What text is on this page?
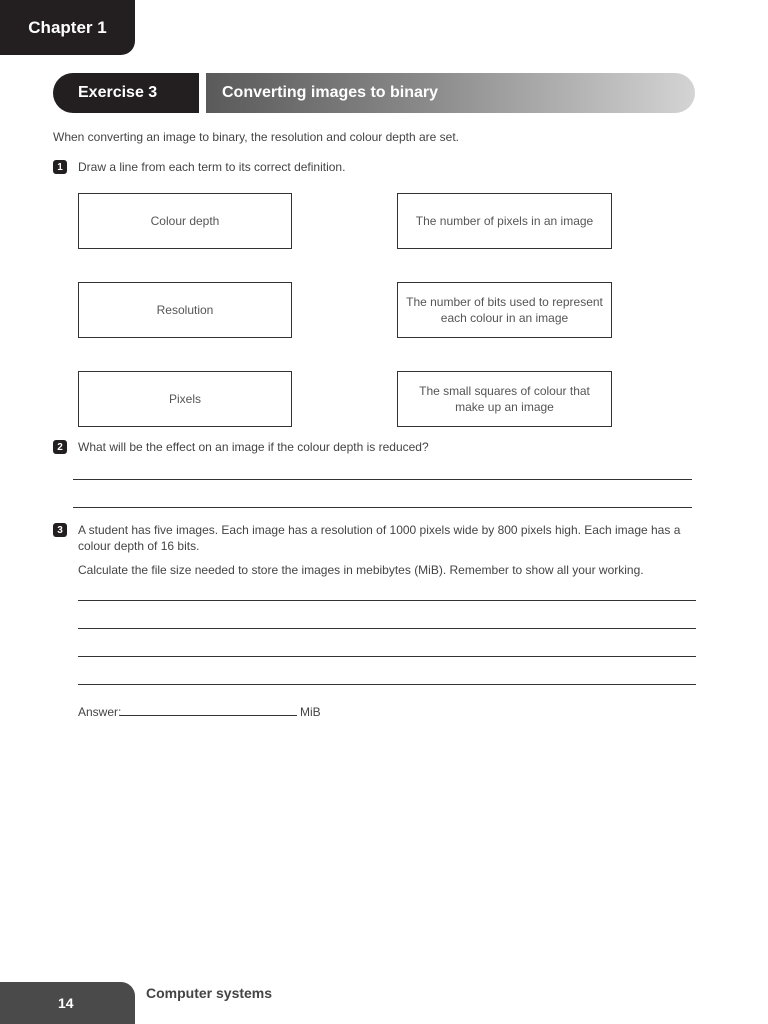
Chapter 1
Exercise 3	Converting images to binary
When converting an image to binary, the resolution and colour depth are set.
1	Draw a line from each term to its correct definition.
Colour depth
Resolution
Pixels
The number of pixels in an image
The number of bits used to represent each colour in an image
The small squares of colour that make up an image
2	What will be the effect on an image if the colour depth is reduced?
3	A student has five images. Each image has a resolution of 1000 pixels wide by 800 pixels high. Each image has a colour depth of 16 bits.
Calculate the file size needed to store the images in mebibytes (MiB). Remember to show all your working.
Answer:	MiB
14
Computer systems
